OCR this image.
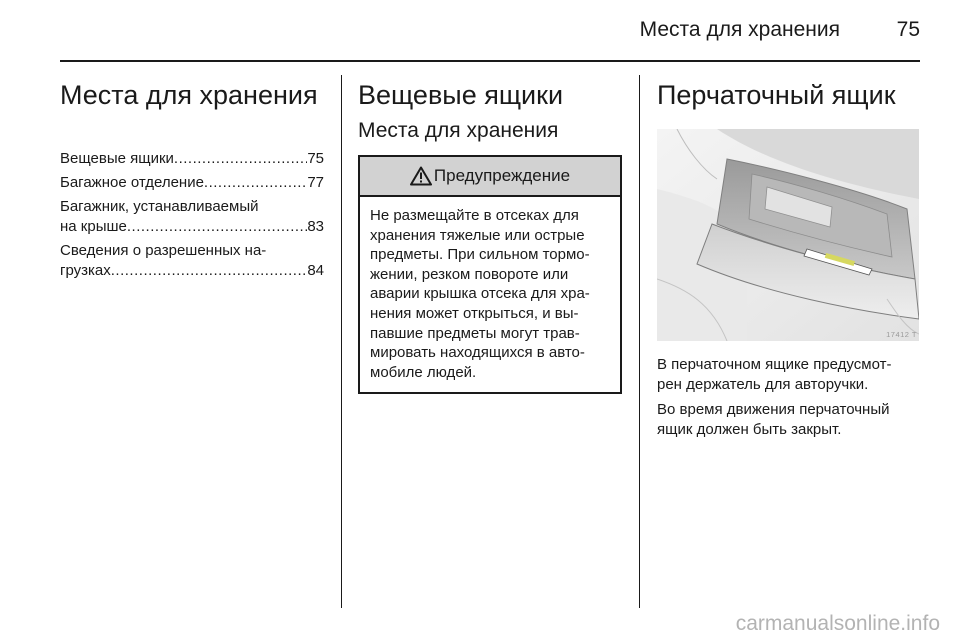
Места для хранения	75
Места для хранения
Вещевые ящики .....	75
Багажное отделение .....	77
Багажник, устанавливаемый
на крыше .....	83
Сведения о разрешенных на-
грузках .....	84
Вещевые ящики
Места для хранения
Предупреждение

Не размещайте в отсеках для

хранения тяжелые или острые

предметы. При сильном тормо-

жении, резком повороте или

аварии крышка отсека для хра-

нения может открыться, и вы-

павшие предметы могут трав-

мировать находящихся в авто-

мобиле людей.

Перчаточный ящик
17412 T
В перчаточном ящике предусмот-
рен держатель для авторучки.
Во время движения перчаточный
ящик должен быть закрыт.
carmanualsonline.info
